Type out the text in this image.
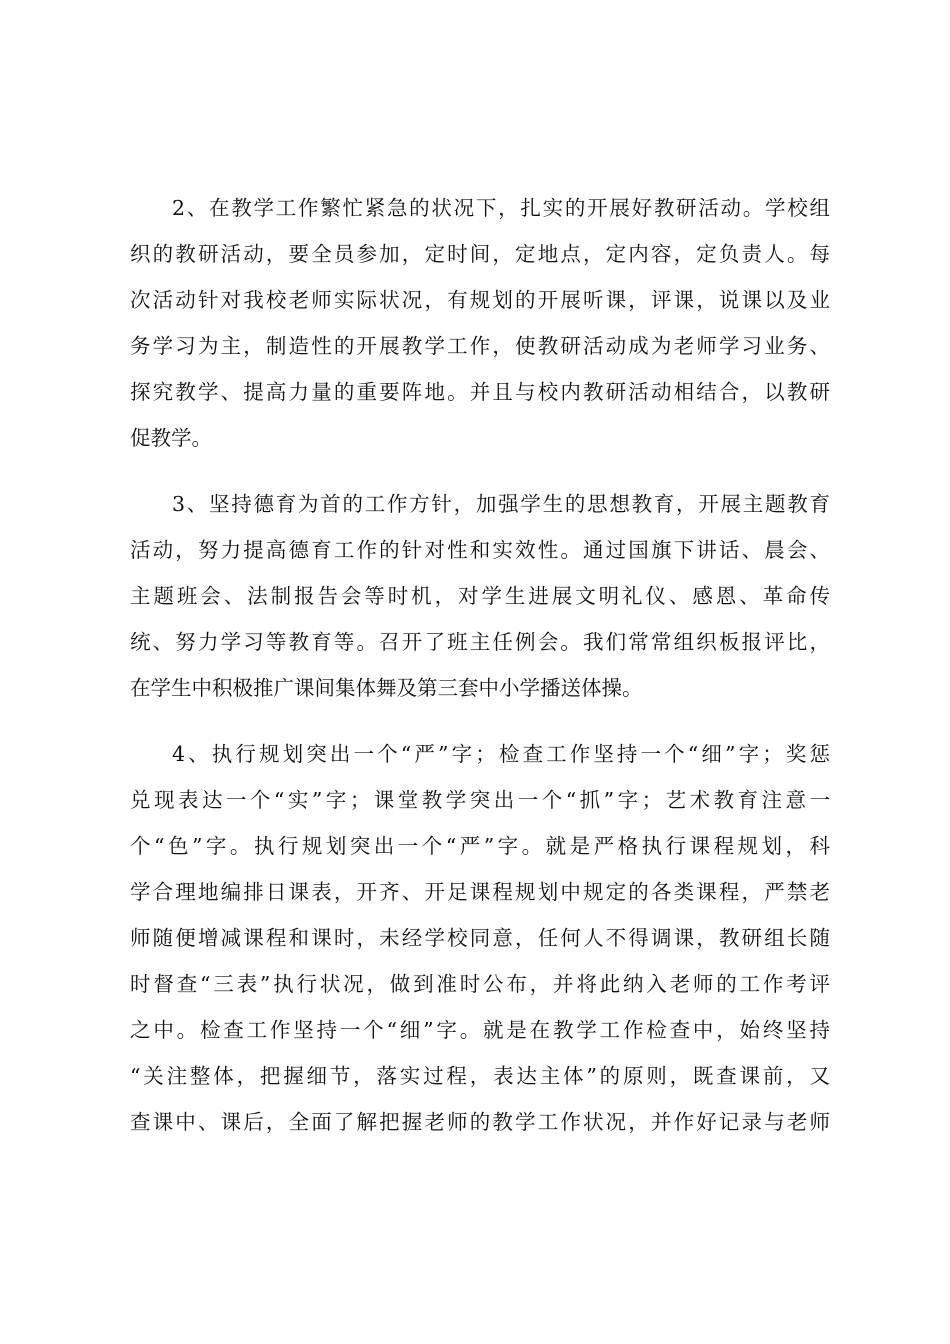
2、在教学工作繁忙紧急的状况下，扎实的开展好教研活动。学校组
织的教研活动，要全员参加，定时间，定地点，定内容，定负责人。每
次活动针对我校老师实际状况，有规划的开展听课，评课，说课以及业
务学习为主，制造性的开展教学工作，使教研活动成为老师学习业务、
探究教学、提高力量的重要阵地。并且与校内教研活动相结合，以教研
促教学。
3、坚持德育为首的工作方针，加强学生的思想教育，开展主题教育
活动，努力提高德育工作的针对性和实效性。通过国旗下讲话、晨会、
主题班会、法制报告会等时机，对学生进展文明礼仪、感恩、革命传
统、努力学习等教育等。召开了班主任例会。我们常常组织板报评比，
在学生中积极推广课间集体舞及第三套中小学播送体操。
4、执行规划突出一个“严”字；检查工作坚持一个“细”字；奖惩
兑现表达一个“实”字；课堂教学突出一个“抓”字；艺术教育注意一
个“色”字。执行规划突出一个“严”字。就是严格执行课程规划，科
学合理地编排日课表，开齐、开足课程规划中规定的各类课程，严禁老
师随便增减课程和课时，未经学校同意，任何人不得调课，教研组长随
时督查“三表”执行状况，做到准时公布，并将此纳入老师的工作考评
之中。检查工作坚持一个“细”字。就是在教学工作检查中，始终坚持
“关注整体，把握细节，落实过程，表达主体”的原则，既查课前，又
查课中、课后，全面了解把握老师的教学工作状况，并作好记录与老师
